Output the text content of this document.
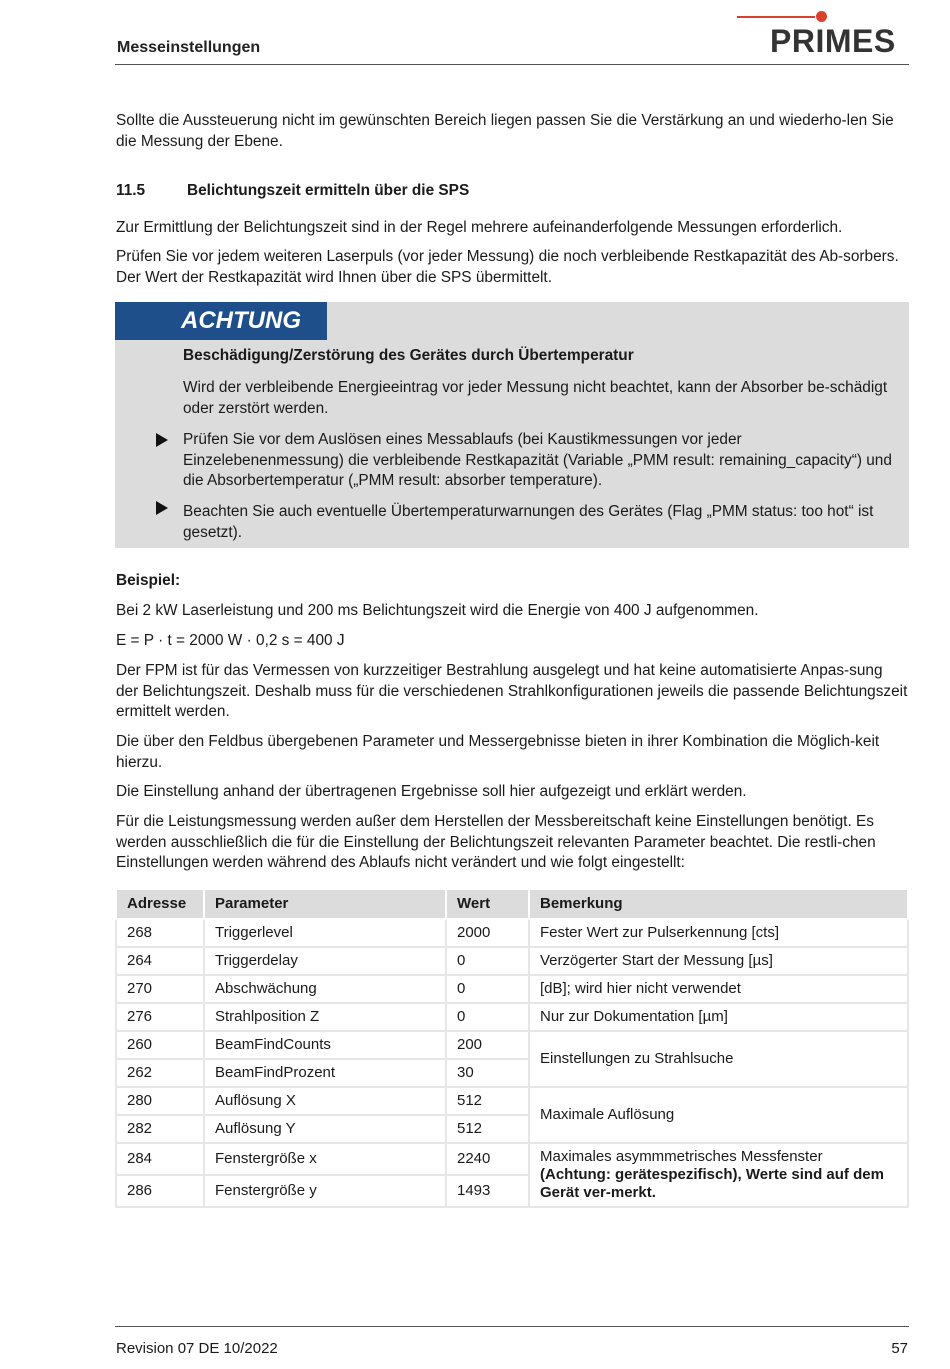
Messeinstellungen	PRIMES
Sollte die Aussteuerung nicht im gewünschten Bereich liegen passen Sie die Verstärkung an und wiederho-len Sie die Messung der Ebene.
11.5	Belichtungszeit ermitteln über die SPS
Zur Ermittlung der Belichtungszeit sind in der Regel mehrere aufeinanderfolgende Messungen erforderlich.
Prüfen Sie vor jedem weiteren Laserpuls (vor jeder Messung) die noch verbleibende Restkapazität des Ab-sorbers. Der Wert der Restkapazität wird Ihnen über die SPS übermittelt.
ACHTUNG
Beschädigung/Zerstörung des Gerätes durch Übertemperatur
Wird der verbleibende Energieeintrag vor jeder Messung nicht beachtet, kann der Absorber be-schädigt oder zerstört werden.
Prüfen Sie vor dem Auslösen eines Messablaufs (bei Kaustikmessungen vor jeder Einzelebenenmessung) die verbleibende Restkapazität (Variable „PMM result: remaining_capacity“) und die Absorbertemperatur („PMM result: absorber temperature).
Beachten Sie auch eventuelle Übertemperaturwarnungen des Gerätes (Flag „PMM status: too hot“ ist gesetzt).
Beispiel:
Bei 2 kW Laserleistung und 200 ms Belichtungszeit wird die Energie von 400 J aufgenommen.
E = P · t = 2000 W · 0,2 s = 400 J
Der FPM ist für das Vermessen von kurzzeitiger Bestrahlung ausgelegt und hat keine automatisierte Anpas-sung der Belichtungszeit. Deshalb muss für die verschiedenen Strahlkonfigurationen jeweils die passende Belichtungszeit ermittelt werden.
Die über den Feldbus übergebenen Parameter und Messergebnisse bieten in ihrer Kombination die Möglich-keit hierzu.
Die Einstellung anhand der übertragenen Ergebnisse soll hier aufgezeigt und erklärt werden.
Für die Leistungsmessung werden außer dem Herstellen der Messbereitschaft keine Einstellungen benötigt. Es werden ausschließlich die für die Einstellung der Belichtungszeit relevanten Parameter beachtet. Die restli-chen Einstellungen werden während des Ablaufs nicht verändert und wie folgt eingestellt:
Adresse	Parameter	Wert	Bemerkung
268	Triggerlevel	2000	Fester Wert zur Pulserkennung [cts]
264	Triggerdelay	0	Verzögerter Start der Messung [µs]
270	Abschwächung	0	[dB]; wird hier nicht verwendet
276	Strahlposition Z	0	Nur zur Dokumentation [µm]
260	BeamFindCounts	200	Einstellungen zu Strahlsuche
262	BeamFindProzent	30	
280	Auflösung X	512	Maximale Auflösung
282	Auflösung Y	512	
284	Fenstergröße x	2240	Maximales asymmmetrisches Messfenster (Achtung: gerätespezifisch), Werte sind auf dem Gerät ver-merkt.
286	Fenstergröße y	1493	
Revision 07 DE 10/2022	57
